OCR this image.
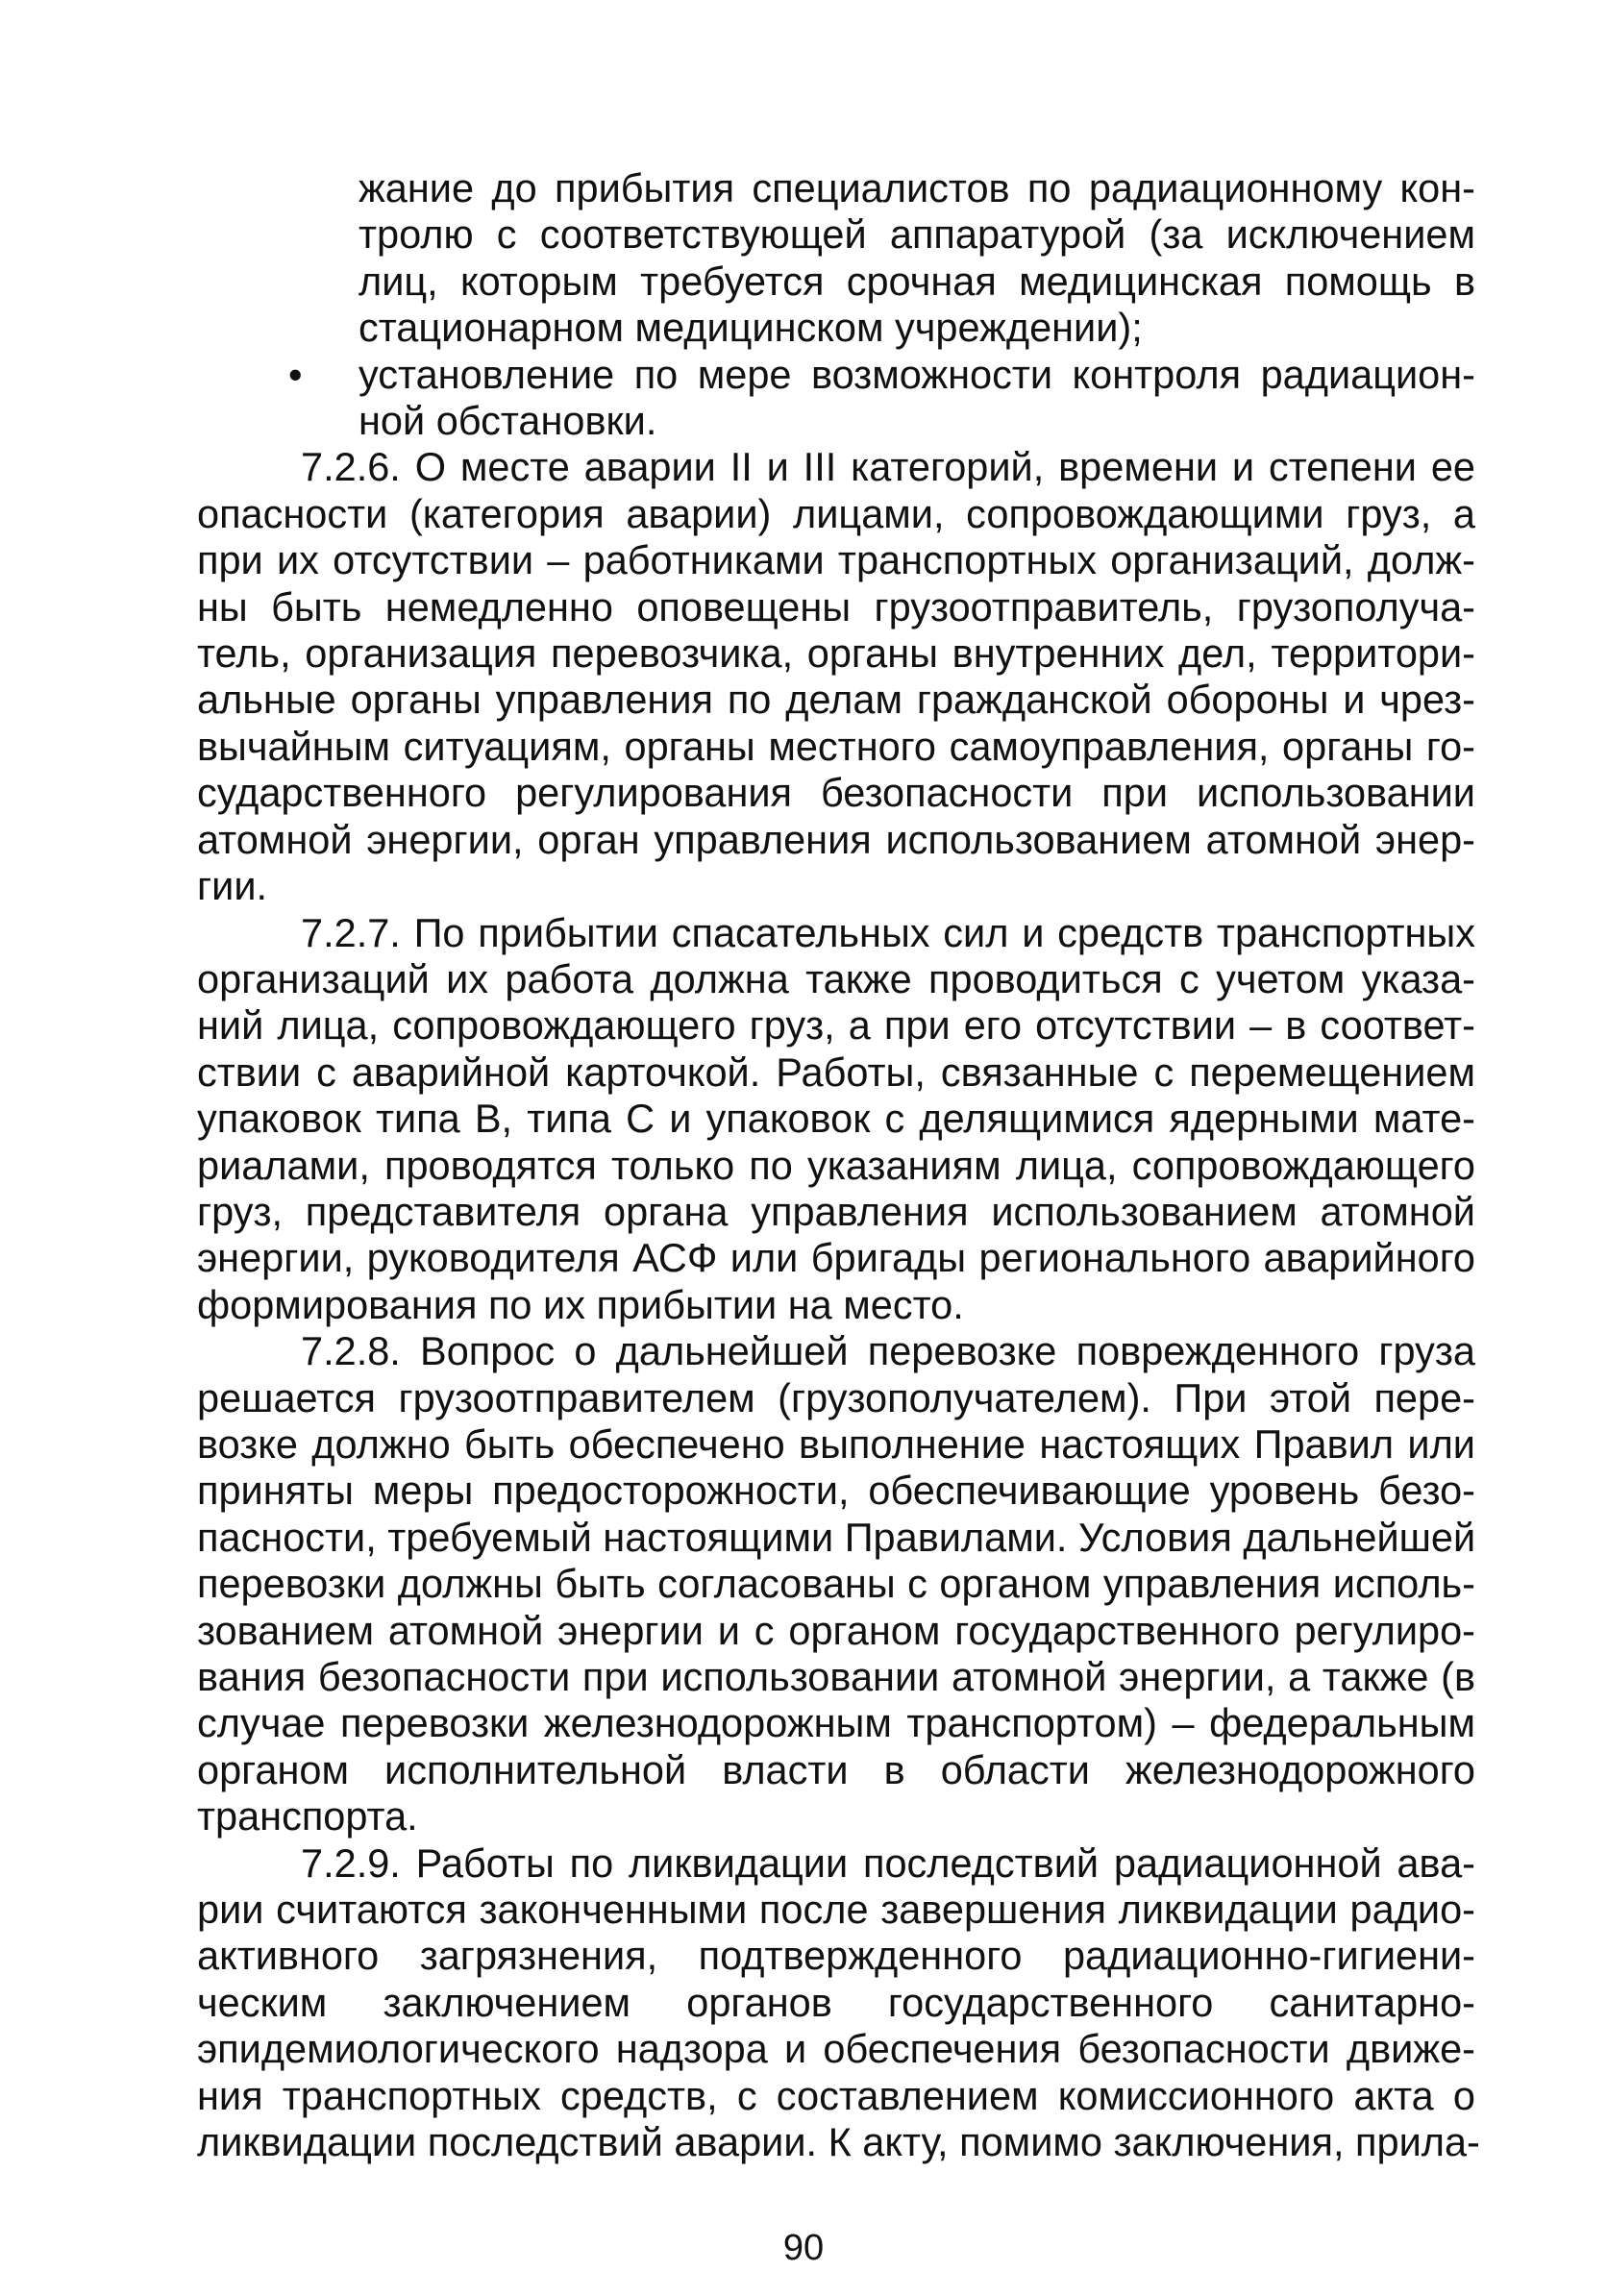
жание до прибытия специалистов по радиационному кон-
тролю с соответствующей аппаратурой (за исключением
лиц, которым требуется срочная медицинская помощь в
стационарном медицинском учреждении);
• установление по мере возможности контроля радиацион-
ной обстановки.
7.2.6. О месте аварии II и III категорий, времени и степени ее
опасности (категория аварии) лицами, сопровождающими груз, а
при их отсутствии – работниками транспортных организаций, долж-
ны быть немедленно оповещены грузоотправитель, грузополуча-
тель, организация перевозчика, органы внутренних дел, территори-
альные органы управления по делам гражданской обороны и чрез-
вычайным ситуациям, органы местного самоуправления, органы го-
сударственного регулирования безопасности при использовании
атомной энергии, орган управления использованием атомной энер-
гии.
7.2.7. По прибытии спасательных сил и средств транспортных
организаций их работа должна также проводиться с учетом указа-
ний лица, сопровождающего груз, а при его отсутствии – в соответ-
ствии с аварийной карточкой. Работы, связанные с перемещением
упаковок типа В, типа С и упаковок с делящимися ядерными мате-
риалами, проводятся только по указаниям лица, сопровождающего
груз, представителя органа управления использованием атомной
энергии, руководителя АСФ или бригады регионального аварийного
формирования по их прибытии на место.
7.2.8. Вопрос о дальнейшей перевозке поврежденного груза
решается грузоотправителем (грузополучателем). При этой пере-
возке должно быть обеспечено выполнение настоящих Правил или
приняты меры предосторожности, обеспечивающие уровень безо-
пасности, требуемый настоящими Правилами. Условия дальнейшей
перевозки должны быть согласованы с органом управления исполь-
зованием атомной энергии и с органом государственного регулиро-
вания безопасности при использовании атомной энергии, а также (в
случае перевозки железнодорожным транспортом) – федеральным
органом исполнительной власти в области железнодорожного
транспорта.
7.2.9. Работы по ликвидации последствий радиационной ава-
рии считаются законченными после завершения ликвидации радио-
активного загрязнения, подтвержденного радиационно-гигиени-
ческим заключением органов государственного санитарно-
эпидемиологического надзора и обеспечения безопасности движе-
ния транспортных средств, с составлением комиссионного акта о
ликвидации последствий аварии. К акту, помимо заключения, прила-
90
